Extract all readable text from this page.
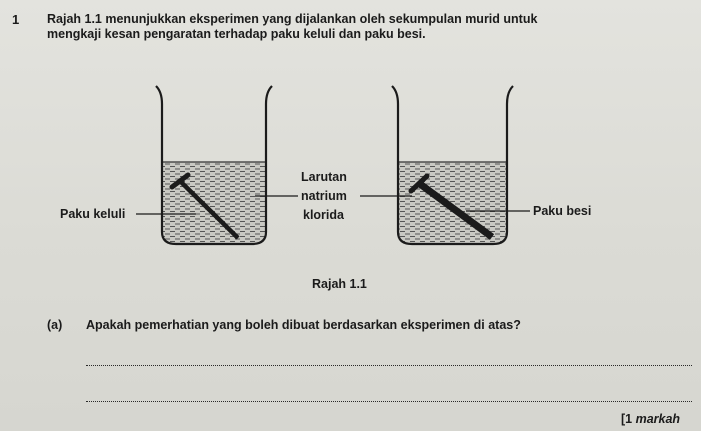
1 Rajah 1.1 menunjukkan eksperimen yang dijalankan oleh sekumpulan murid untuk
mengkaji kesan pengaratan terhadap paku keluli dan paku besi.
Paku keluli
Larutan
natrium
klorida	Paku besi
Rajah 1.1
(a) Apakah pemerhatian yang boleh dibuat berdasarkan eksperimen di atas?
[1 markah
